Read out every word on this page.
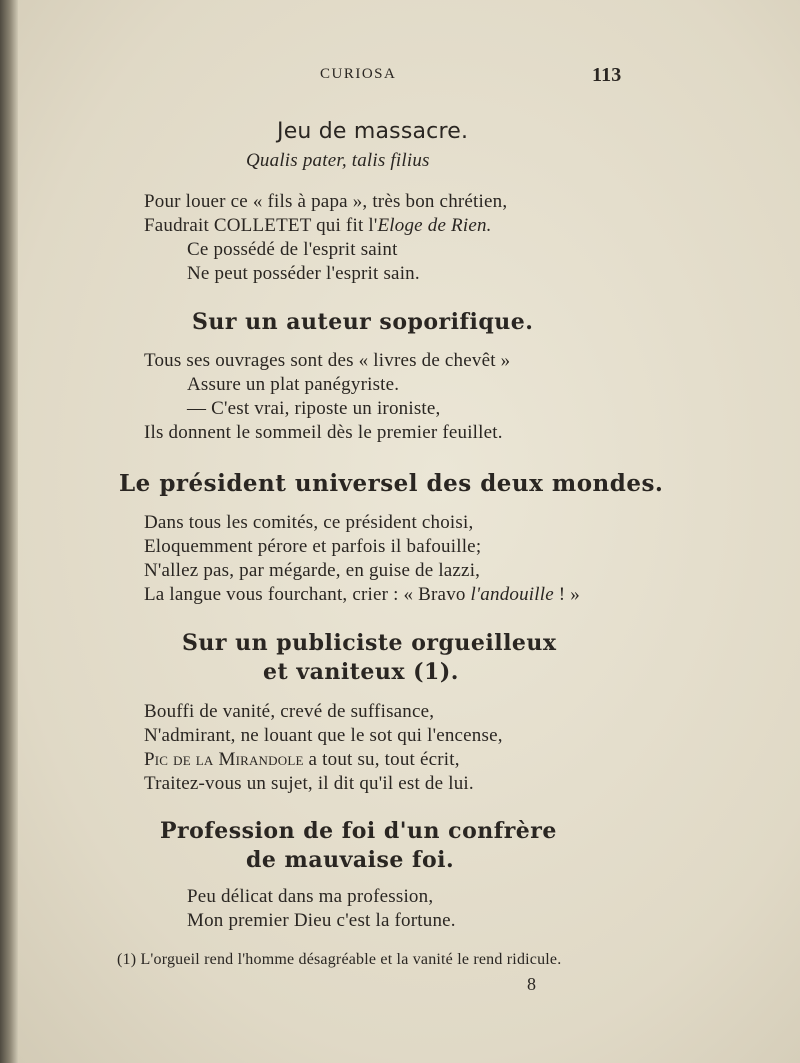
CURIOSA	113
Jeu de massacre.
Qualis pater, talis filius
Pour louer ce « fils à papa », très bon chrétien,
Faudrait COLLETET qui fit l'Eloge de Rien.
Ce possédé de l'esprit saint
Ne peut posséder l'esprit sain.
Sur un auteur soporifique.
Tous ses ouvrages sont des « livres de chevêt »
Assure un plat panégyriste.
— C'est vrai, riposte un ironiste,
Ils donnent le sommeil dès le premier feuillet.
Le président universel des deux mondes.
Dans tous les comités, ce président choisi,
Eloquemment pérore et parfois il bafouille;
N'allez pas, par mégarde, en guise de lazzi,
La langue vous fourchant, crier : « Bravo l'andouille ! »
Sur un publiciste orgueilleux
et vaniteux (1).
Bouffi de vanité, crevé de suffisance,
N'admirant, ne louant que le sot qui l'encense,
Pic de la Mirandole a tout su, tout écrit,
Traitez-vous un sujet, il dit qu'il est de lui.
Profession de foi d'un confrère
de mauvaise foi.
Peu délicat dans ma profession,
Mon premier Dieu c'est la fortune.
(1) L'orgueil rend l'homme désagréable et la vanité le rend ridicule.
8
